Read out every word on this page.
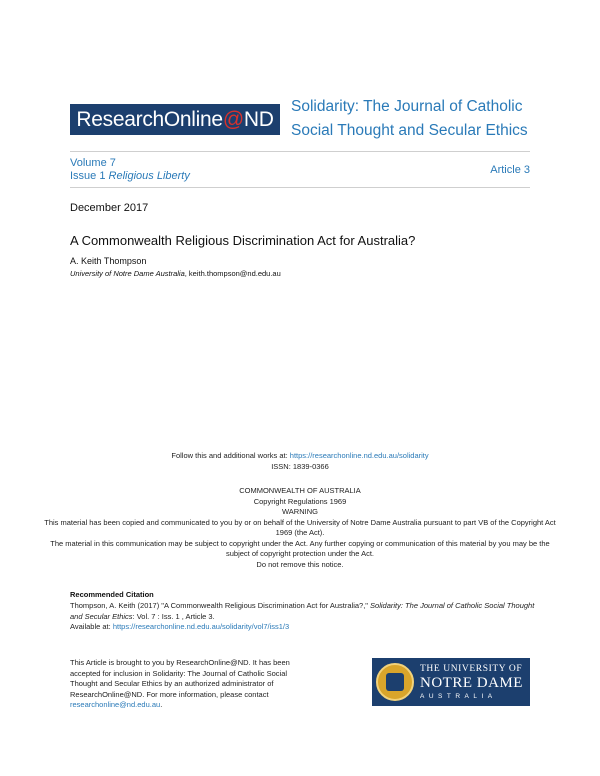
ResearchOnline@ND
Solidarity: The Journal of Catholic Social Thought and Secular Ethics
Volume 7
Issue 1 Religious Liberty	Article 3
December 2017
A Commonwealth Religious Discrimination Act for Australia?
A. Keith Thompson
University of Notre Dame Australia, keith.thompson@nd.edu.au
Follow this and additional works at: https://researchonline.nd.edu.au/solidarity
ISSN: 1839-0366
COMMONWEALTH OF AUSTRALIA
Copyright Regulations 1969
WARNING
This material has been copied and communicated to you by or on behalf of the University of Notre Dame Australia pursuant to part VB of the Copyright Act 1969 (the Act).
The material in this communication may be subject to copyright under the Act. Any further copying or communication of this material by you may be the subject of copyright protection under the Act.
Do not remove this notice.
Recommended Citation
Thompson, A. Keith (2017) "A Commonwealth Religious Discrimination Act for Australia?," Solidarity: The Journal of Catholic Social Thought and Secular Ethics: Vol. 7 : Iss. 1 , Article 3.
Available at: https://researchonline.nd.edu.au/solidarity/vol7/iss1/3
This Article is brought to you by ResearchOnline@ND. It has been accepted for inclusion in Solidarity: The Journal of Catholic Social Thought and Secular Ethics by an authorized administrator of ResearchOnline@ND. For more information, please contact researchonline@nd.edu.au.
THE UNIVERSITY OF
NOTRE DAME
AUSTRALIA
